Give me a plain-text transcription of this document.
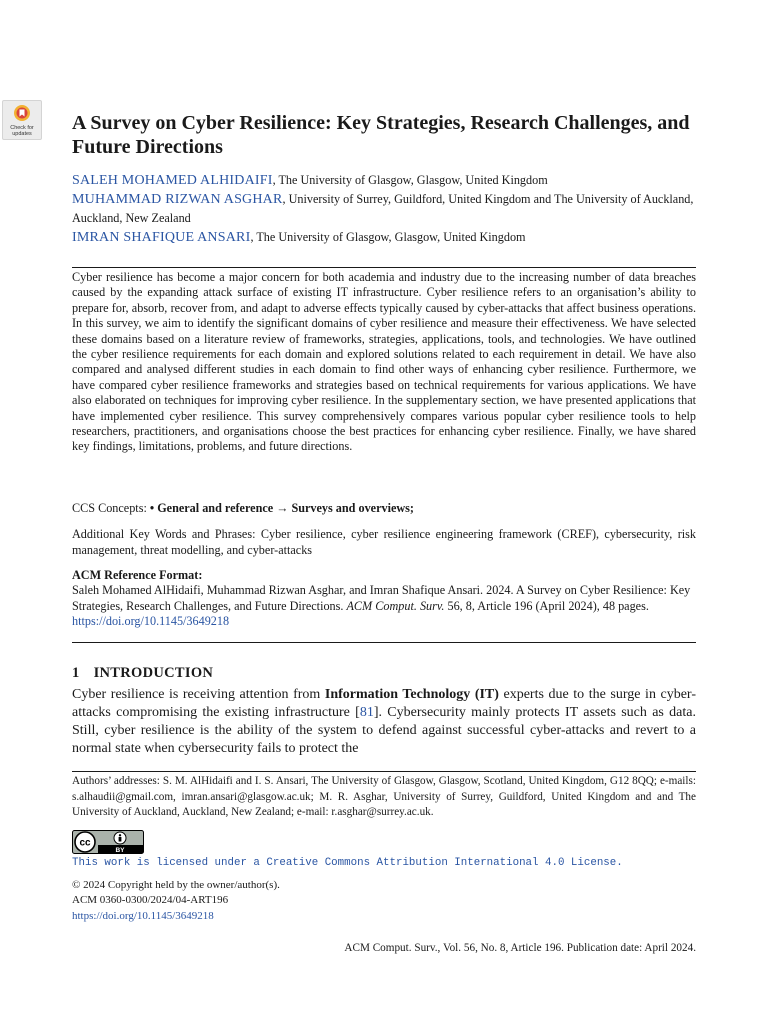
Check for updates	A Survey on Cyber Resilience: Key Strategies, Research Challenges, and Future Directions

SALEH MOHAMED ALHIDAIFI, The University of Glasgow, Glasgow, United Kingdom

MUHAMMAD RIZWAN ASGHAR, University of Surrey, Guildford, United Kingdom and The University of Auckland, Auckland, New Zealand

IMRAN SHAFIQUE ANSARI, The University of Glasgow, Glasgow, United Kingdom

Cyber resilience has become a major concern for both academia and industry due to the increasing number of data breaches caused by the expanding attack surface of existing IT infrastructure. Cyber resilience refers to an organisation’s ability to prepare for, absorb, recover from, and adapt to adverse effects typically caused by cyber-attacks that affect business operations. In this survey, we aim to identify the significant domains of cyber resilience and measure their effectiveness. We have selected these domains based on a literature review of frameworks, strategies, applications, tools, and technologies. We have outlined the cyber resilience requirements for each domain and explored solutions related to each requirement in detail. We have also compared and analysed different studies in each domain to find other ways of enhancing cyber resilience. Furthermore, we have compared cyber resilience frameworks and strategies based on technical requirements for various applications. We have also elaborated on techniques for improving cyber resilience. In the supplementary section, we have presented applications that have implemented cyber resilience. This survey comprehensively compares various popular cyber resilience tools to help researchers, practitioners, and organisations choose the best practices for enhancing cyber resilience. Finally, we have shared key findings, limitations, problems, and future directions.

CCS Concepts: • General and reference → Surveys and overviews;

Additional Key Words and Phrases: Cyber resilience, cyber resilience engineering framework (CREF), cybersecurity, risk management, threat modelling, and cyber-attacks

ACM Reference Format:

Saleh Mohamed AlHidaifi, Muhammad Rizwan Asghar, and Imran Shafique Ansari. 2024. A Survey on Cyber Resilience: Key Strategies, Research Challenges, and Future Directions. ACM Comput. Surv. 56, 8, Article 196 (April 2024), 48 pages. https://doi.org/10.1145/3649218

1 INTRODUCTION

Cyber resilience is receiving attention from Information Technology (IT) experts due to the surge in cyber-attacks compromising the existing infrastructure [81]. Cybersecurity mainly protects IT assets such as data. Still, cyber resilience is the ability of the system to defend against successful cyber-attacks and revert to a normal state when cybersecurity fails to protect the

Authors’ addresses: S. M. AlHidaifi and I. S. Ansari, The University of Glasgow, Glasgow, Scotland, United Kingdom, G12 8QQ; e-mails: s.alhaudii@gmail.com, imran.ansari@glasgow.ac.uk; M. R. Asghar, University of Surrey, Guildford, United Kingdom and and The University of Auckland, Auckland, New Zealand; e-mail: r.asghar@surrey.ac.uk.

cc
BY

This work is licensed under a Creative Commons Attribution International 4.0 License.

© 2024 Copyright held by the owner/author(s).

ACM 0360-0300/2024/04-ART196

https://doi.org/10.1145/3649218

ACM Comput. Surv., Vol. 56, No. 8, Article 196. Publication date: April 2024.
